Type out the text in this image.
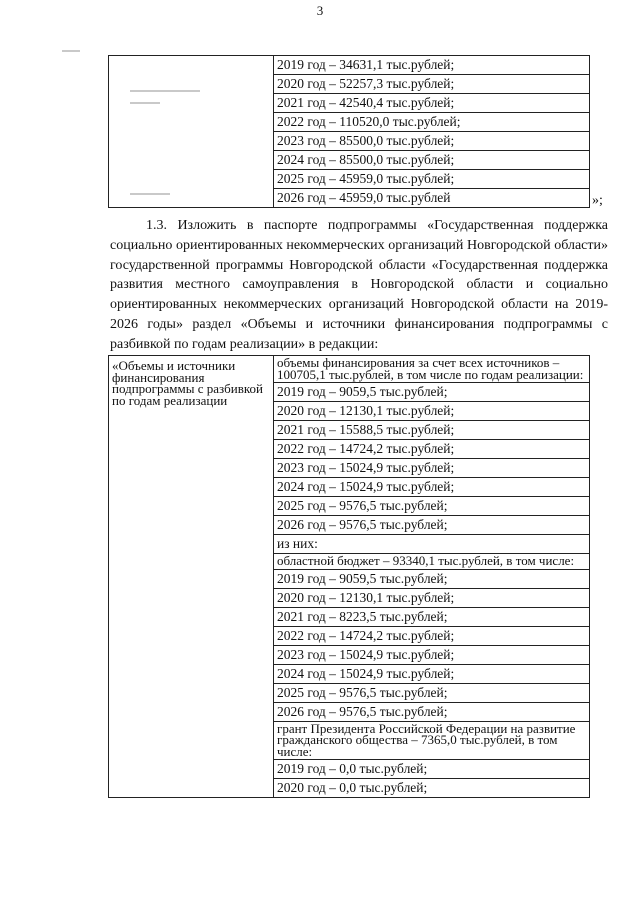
3

2019 год – 34631,1 тыс.рублей;
2020 год – 52257,3 тыс.рублей;
2021 год – 42540,4 тыс.рублей;
2022 год – 110520,0 тыс.рублей;
2023 год – 85500,0 тыс.рублей;
2024 год – 85500,0 тыс.рублей;
2025 год – 45959,0 тыс.рублей;
2026 год – 45959,0 тыс.рублей	»;
1.3. Изложить в паспорте подпрограммы «Государственная поддержка социально ориентированных некоммерческих организаций Новгородской области» государственной программы Новгородской области «Государственная поддержка развития местного самоуправления в Новгородской области и социально ориентированных некоммерческих организаций Новгородской области на 2019-2026 годы» раздел «Объемы и источники финансирования подпрограммы с разбивкой по годам реализации» в редакции:
«Объемы и источники финансирования подпрограммы с разбивкой по годам реализации

объемы финансирования за счет всех источников – 100705,1 тыс.рублей, в том числе по годам реализации:
2019 год – 9059,5 тыс.рублей;
2020 год – 12130,1 тыс.рублей;
2021 год – 15588,5 тыс.рублей;
2022 год – 14724,2 тыс.рублей;
2023 год – 15024,9 тыс.рублей;
2024 год – 15024,9 тыс.рублей;
2025 год – 9576,5 тыс.рублей;
2026 год – 9576,5 тыс.рублей;
из них:
областной бюджет – 93340,1 тыс.рублей, в том числе:
2019 год – 9059,5 тыс.рублей;
2020 год – 12130,1 тыс.рублей;
2021 год – 8223,5 тыс.рублей;
2022 год – 14724,2 тыс.рублей;
2023 год – 15024,9 тыс.рублей;
2024 год – 15024,9 тыс.рублей;
2025 год – 9576,5 тыс.рублей;
2026 год – 9576,5 тыс.рублей;
грант Президента Российской Федерации на развитие гражданского общества – 7365,0 тыс.рублей, в том числе:
2019 год – 0,0 тыс.рублей;
2020 год – 0,0 тыс.рублей;
